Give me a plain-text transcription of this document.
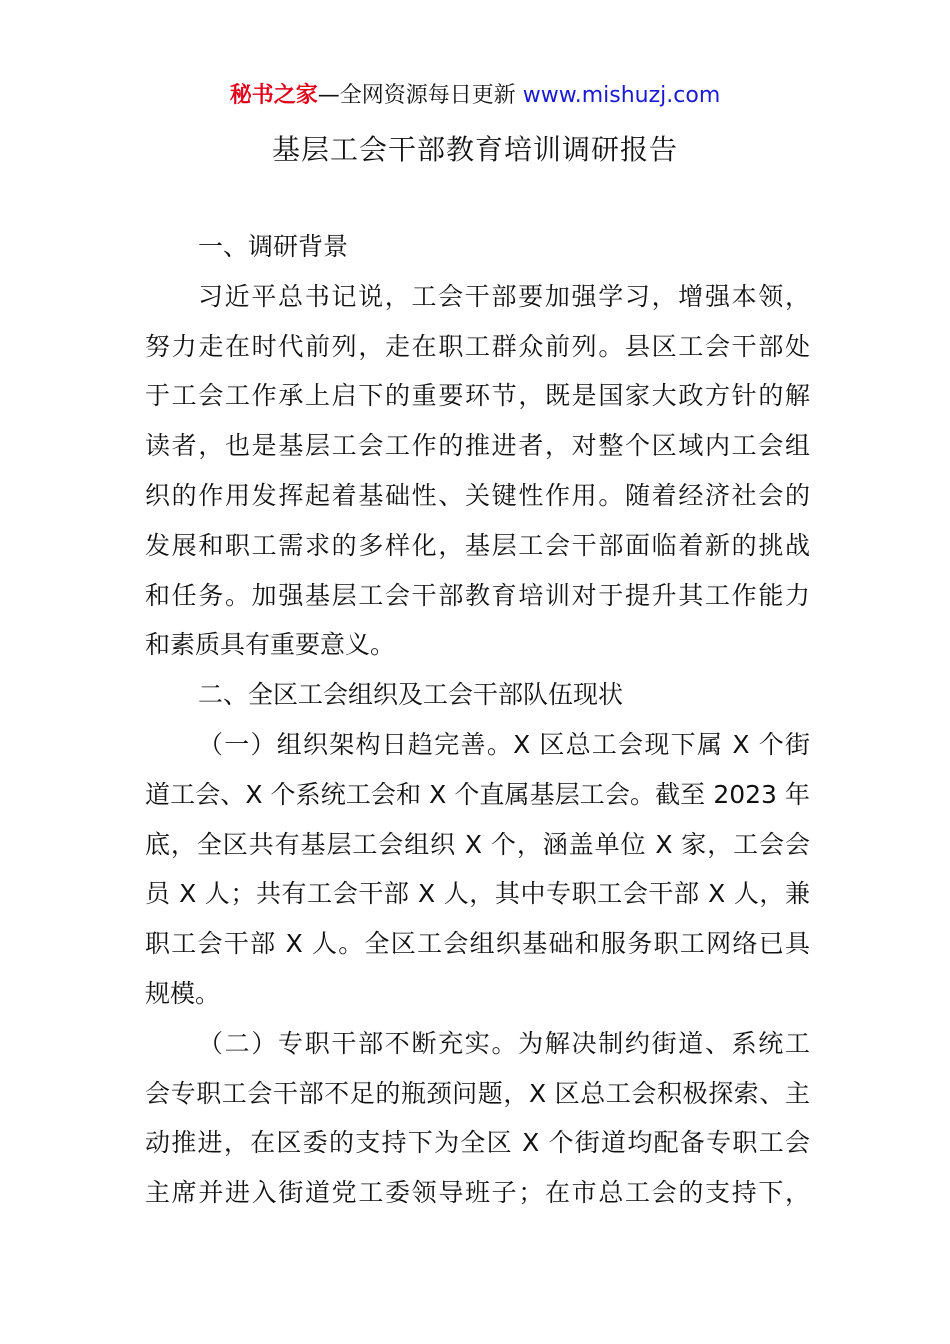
秘书之家—全网资源每日更新 www.mishuzj.com
基层工会干部教育培训调研报告
一、调研背景
习近平总书记说，工会干部要加强学习，增强本领，
努力走在时代前列，走在职工群众前列。县区工会干部处
于工会工作承上启下的重要环节，既是国家大政方针的解
读者，也是基层工会工作的推进者，对整个区域内工会组
织的作用发挥起着基础性、关键性作用。随着经济社会的
发展和职工需求的多样化，基层工会干部面临着新的挑战
和任务。加强基层工会干部教育培训对于提升其工作能力
和素质具有重要意义。
二、全区工会组织及工会干部队伍现状
（一）组织架构日趋完善。X 区总工会现下属 X 个街
道工会、X 个系统工会和 X 个直属基层工会。截至 2023 年
底，全区共有基层工会组织 X 个，涵盖单位 X 家，工会会
员 X 人；共有工会干部 X 人，其中专职工会干部 X 人，兼
职工会干部 X 人。全区工会组织基础和服务职工网络已具
规模。
（二）专职干部不断充实。为解决制约街道、系统工
会专职工会干部不足的瓶颈问题，X 区总工会积极探索、主
动推进，在区委的支持下为全区 X 个街道均配备专职工会
主席并进入街道党工委领导班子；在市总工会的支持下，
